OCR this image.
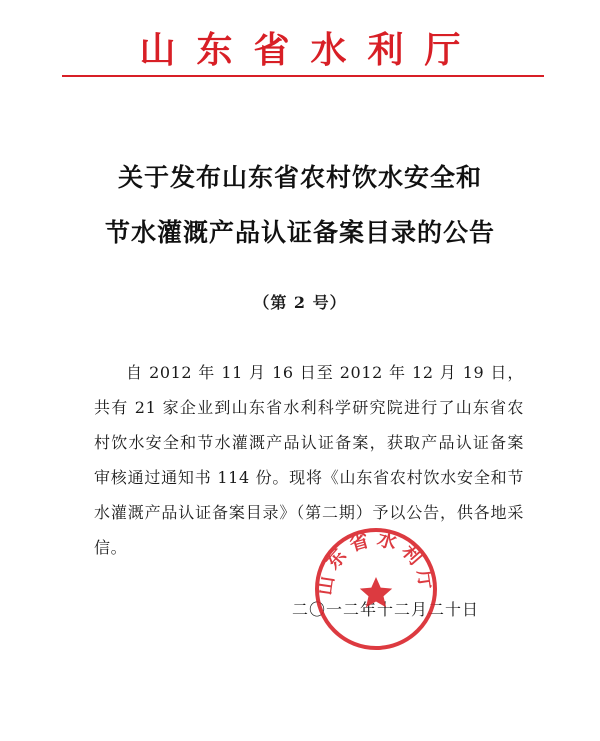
山东省水利厅
关于发布山东省农村饮水安全和
节水灌溉产品认证备案目录的公告
（第 2 号）
自 2012 年 11 月 16 日至 2012 年 12 月 19 日，共有 21 家企业到山东省水利科学研究院进行了山东省农村饮水安全和节水灌溉产品认证备案，获取产品认证备案审核通过通知书 114 份。现将《山东省农村饮水安全和节水灌溉产品认证备案目录》（第二期）予以公告，供各地采信。
二〇一二年十二月二十日
山东省水利厅
